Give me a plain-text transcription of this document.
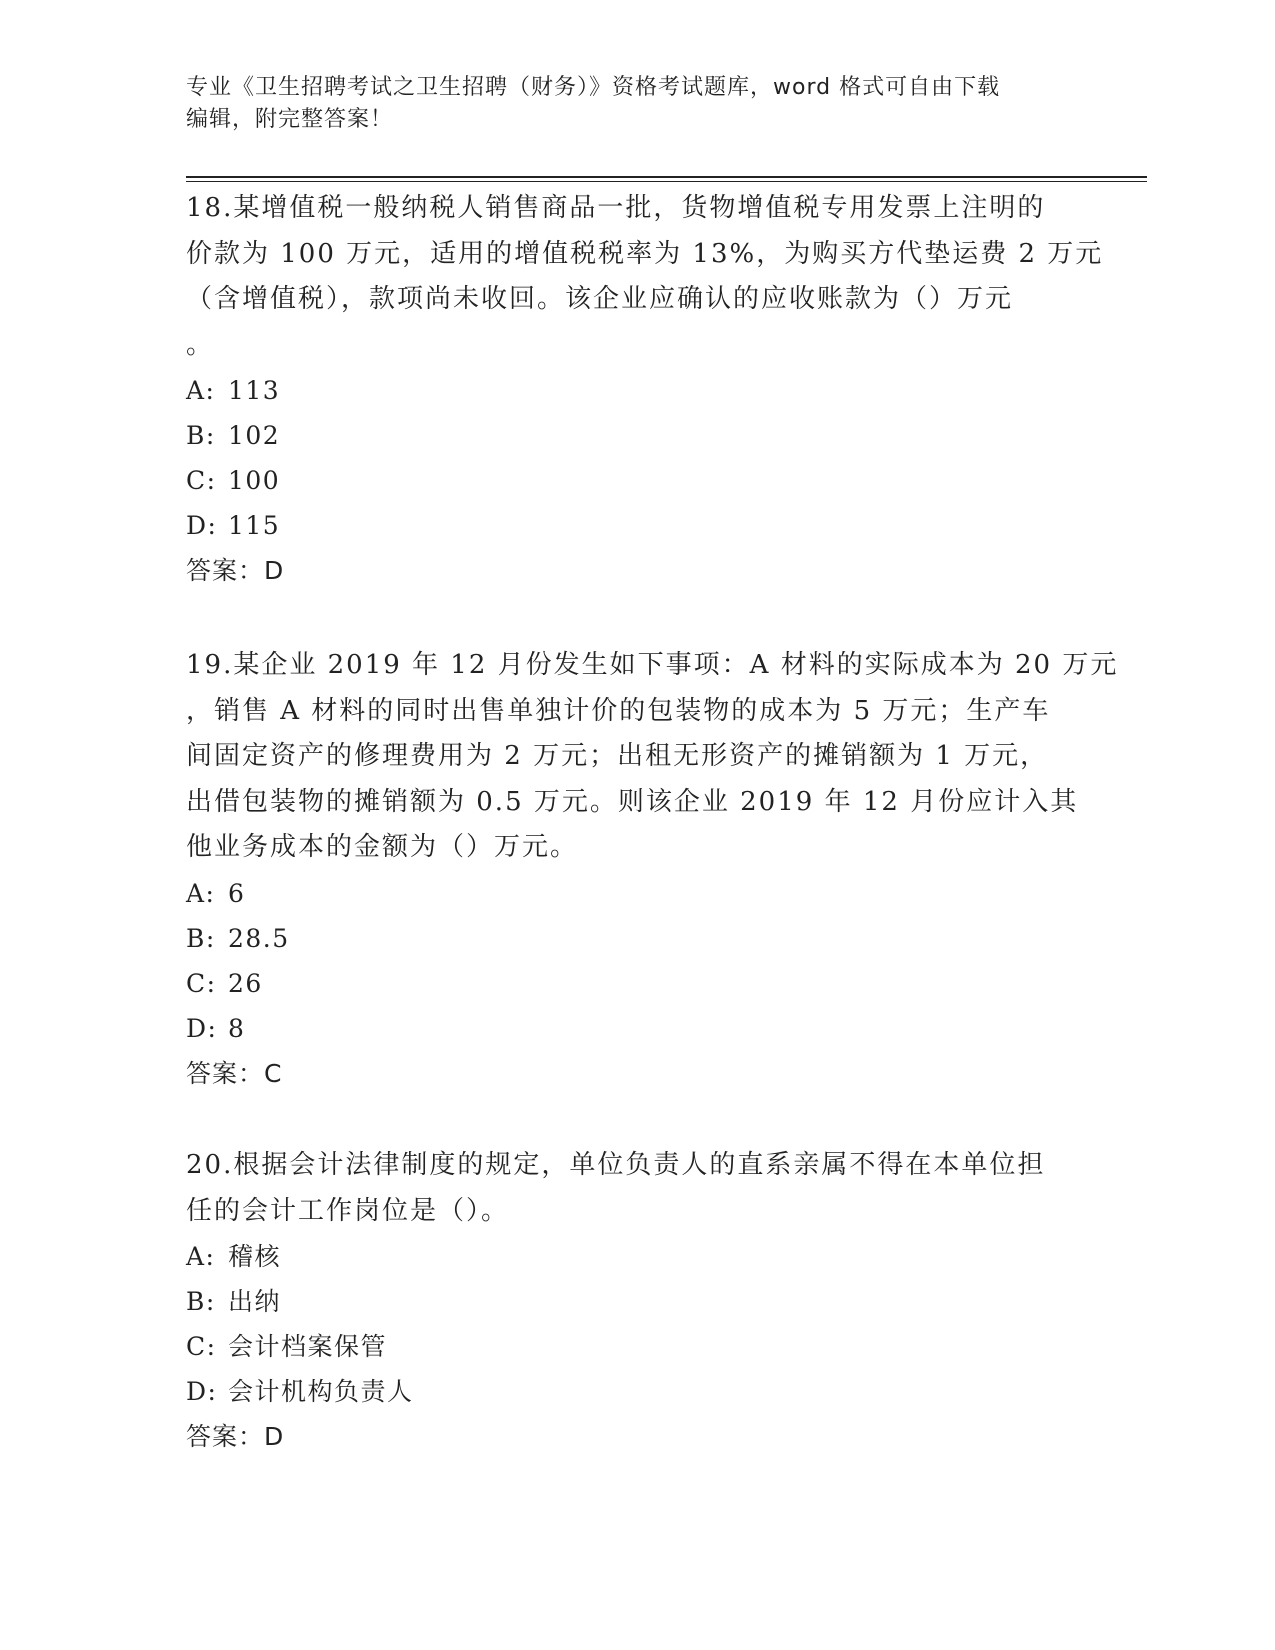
专业《卫生招聘考试之卫生招聘（财务）》资格考试题库，word 格式可自由下载
编辑，附完整答案！
18.某增值税一般纳税人销售商品一批，货物增值税专用发票上注明的
价款为 100 万元，适用的增值税税率为 13%，为购买方代垫运费 2 万元
（含增值税），款项尚未收回。该企业应确认的应收账款为（）万元
。
A: 113
B: 102
C: 100
D: 115
答案：D
19.某企业 2019 年 12 月份发生如下事项：A 材料的实际成本为 20 万元
，销售 A 材料的同时出售单独计价的包装物的成本为 5 万元；生产车
间固定资产的修理费用为 2 万元；出租无形资产的摊销额为 1 万元，
出借包装物的摊销额为 0.5 万元。则该企业 2019 年 12 月份应计入其
他业务成本的金额为（）万元。
A: 6
B: 28.5
C: 26
D: 8
答案：C
20.根据会计法律制度的规定，单位负责人的直系亲属不得在本单位担
任的会计工作岗位是（）。
A: 稽核
B: 出纳
C: 会计档案保管
D: 会计机构负责人
答案：D
